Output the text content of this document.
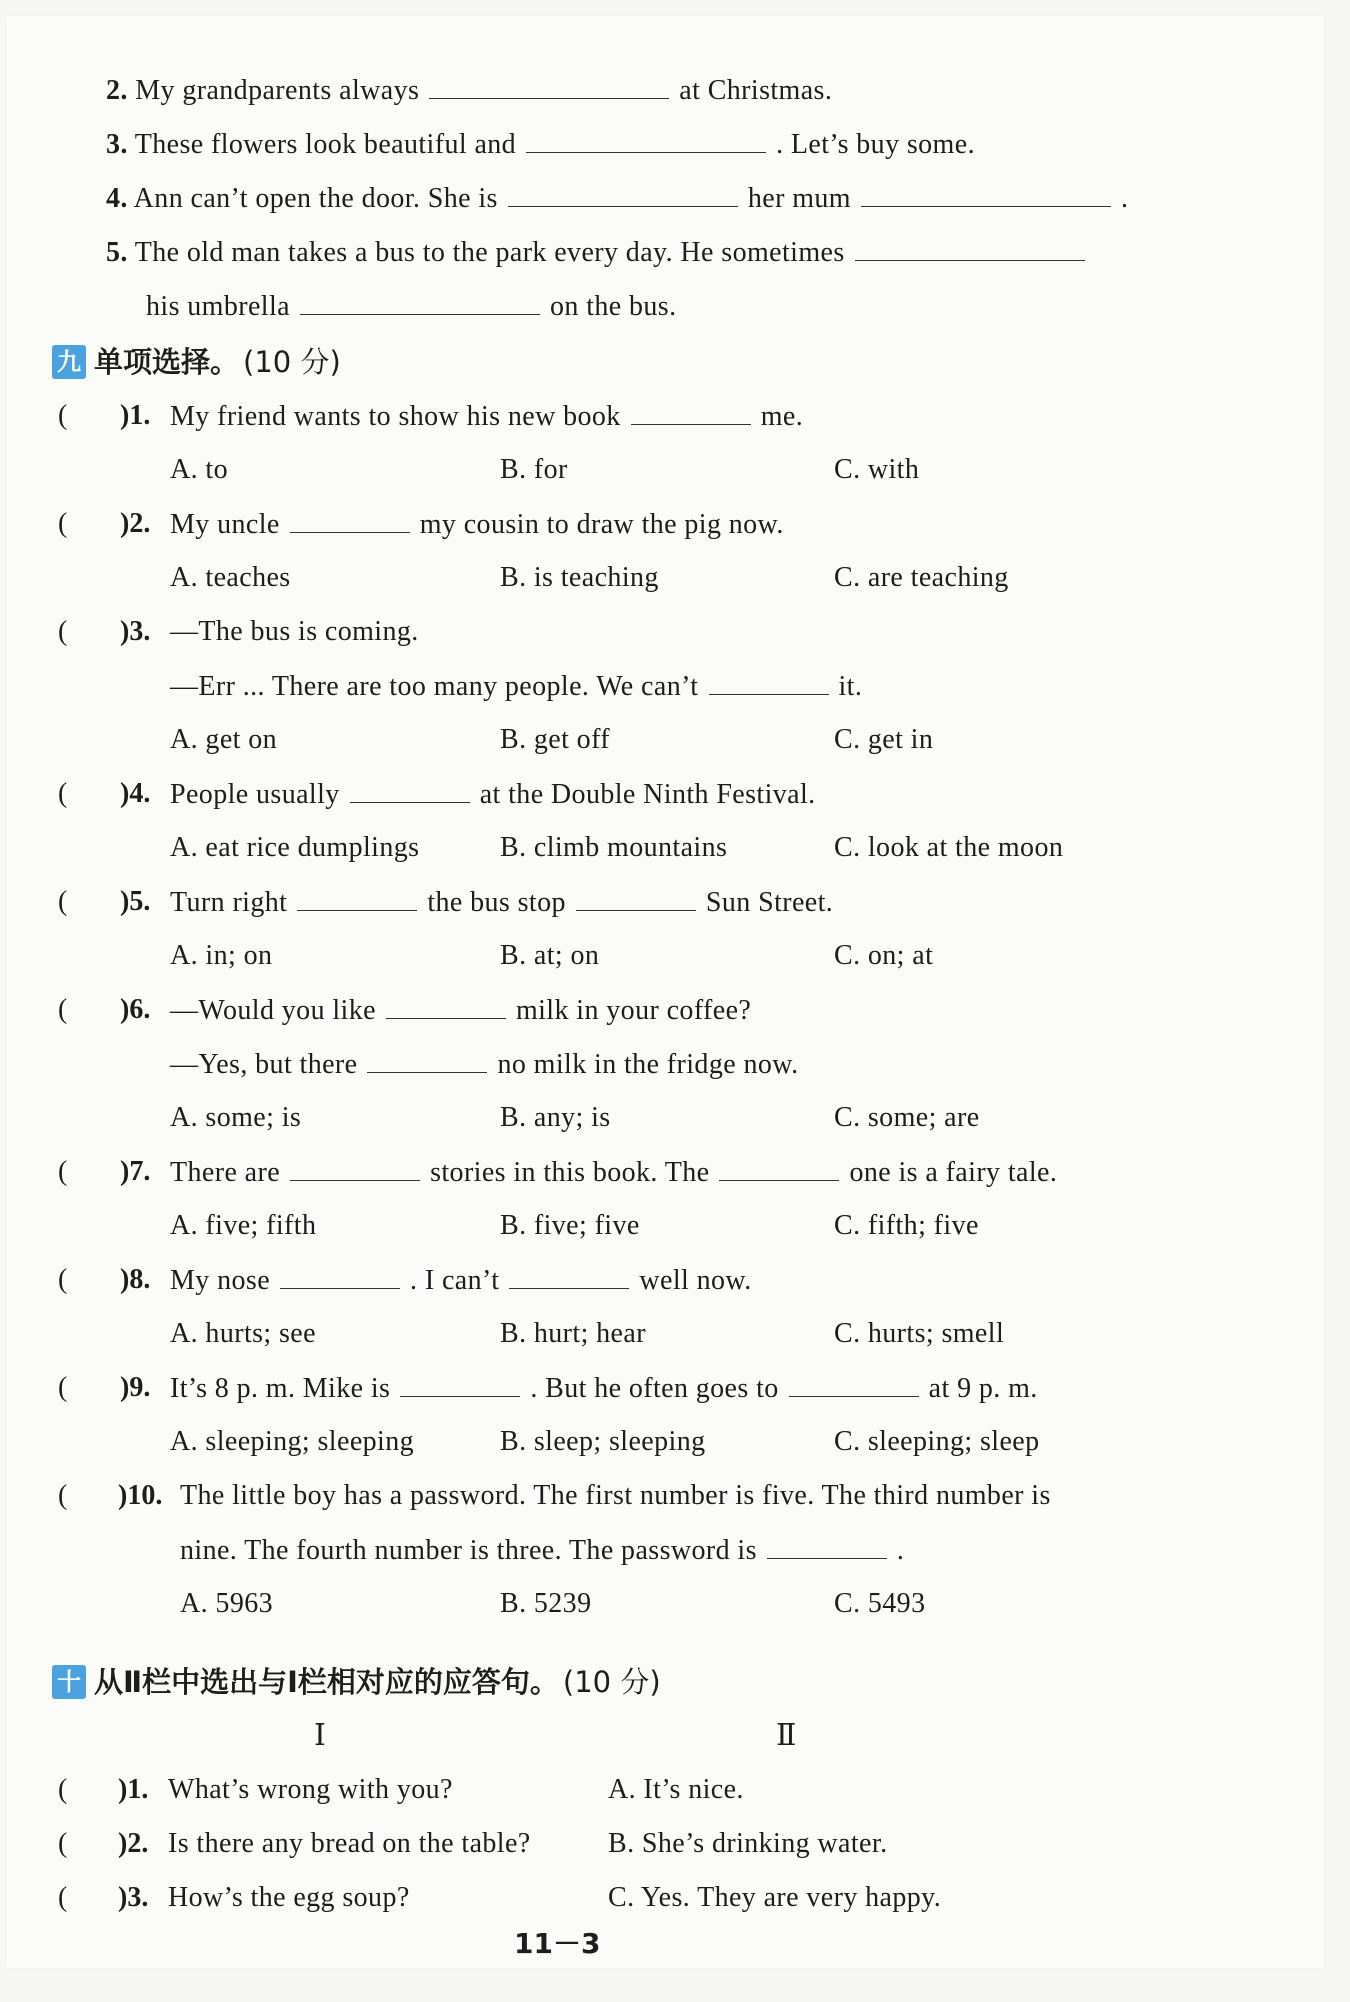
2. My grandparents always	at Christmas.
3. These flowers look beautiful and	. Let’s buy some.
4. Ann can’t open the door. She is	her mum	.
5. The old man takes a bus to the park every day. He sometimes
his umbrella	on the bus.
九 单项选择。 (10 分)
( )1. My friend wants to show his new book	me.
A. to	B. for	C. with
( )2. My uncle	my cousin to draw the pig now.
A. teaches	B. is teaching	C. are teaching
( )3. —The bus is coming.
—Err ... There are too many people. We can’t	it.
A. get on	B. get off	C. get in
( )4. People usually	at the Double Ninth Festival.
A. eat rice dumplings	B. climb mountains	C. look at the moon
( )5. Turn right	the bus stop	Sun Street.
A. in; on	B. at; on	C. on; at
( )6. —Would you like	milk in your coffee?
—Yes, but there	no milk in the fridge now.
A. some; is	B. any; is	C. some; are
( )7. There are	stories in this book. The	one is a fairy tale.
A. five; fifth	B. five; five	C. fifth; five
( )8. My nose	. I can’t	well now.
A. hurts; see	B. hurt; hear	C. hurts; smell
( )9. It’s 8 p. m. Mike is	. But he often goes to	at 9 p. m.
A. sleeping; sleeping	B. sleep; sleeping	C. sleeping; sleep
( )10. The little boy has a password. The first number is five. The third number is
nine. The fourth number is three. The password is	.
A. 5963	B. 5239	C. 5493
十 从Ⅱ栏中选出与Ⅰ栏相对应的应答句。 (10 分)
Ⅰ	Ⅱ
( )1. What’s wrong with you?	A. It’s nice.
( )2. Is there any bread on the table?	B. She’s drinking water.
( )3. How’s the egg soup?	C. Yes. They are very happy.
11－3
